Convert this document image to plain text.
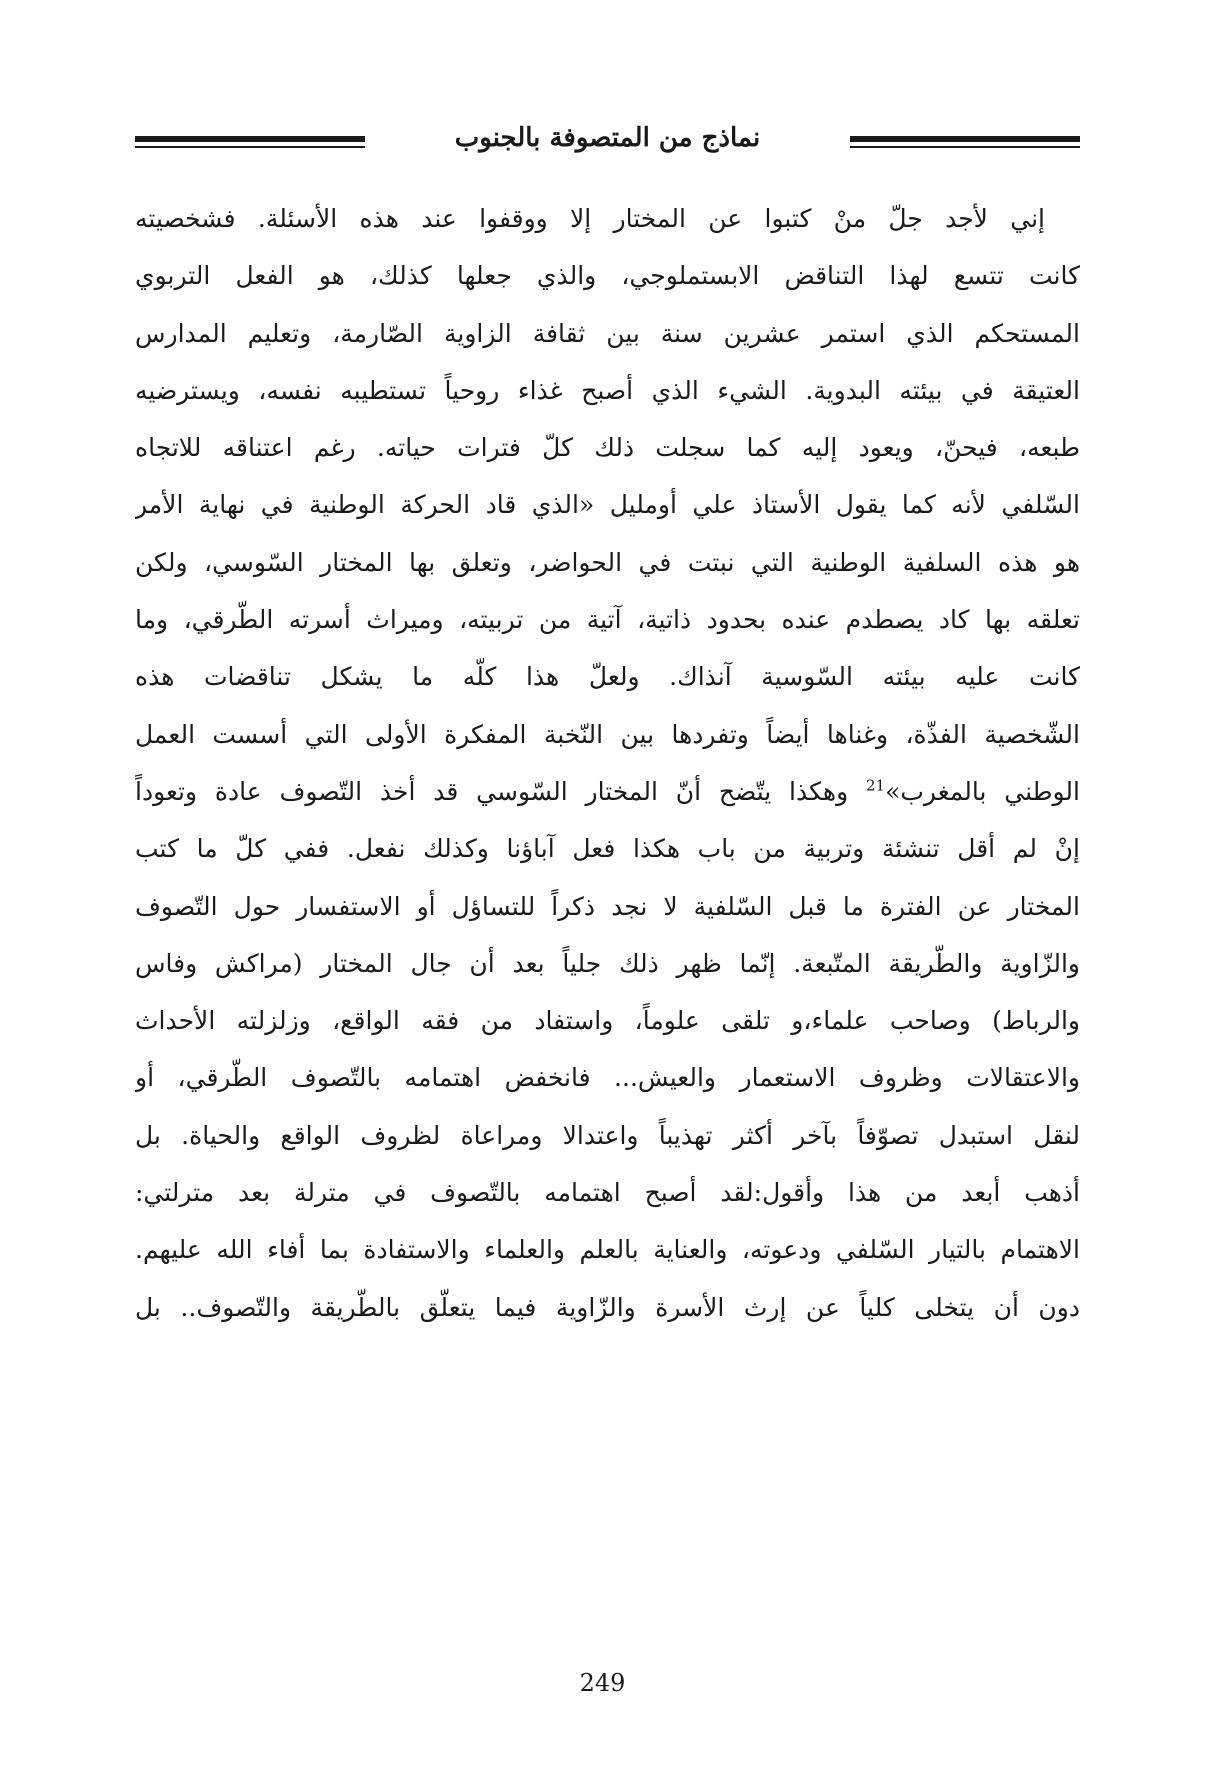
نماذج من المتصوفة بالجنوب
إني لأجد جلّ منْ كتبوا عن المختار إلا ووقفوا عند هذه الأسئلة. فشخصيته
كانت تتسع لهذا التناقض الابستملوجي، والذي جعلها كذلك، هو الفعل التربوي
المستحكم الذي استمر عشرين سنة بين ثقافة الزاوية الصّارمة، وتعليم المدارس
العتيقة في بيئته البدوية. الشيء الذي أصبح غذاء روحياً تستطيبه نفسه، ويسترضيه
طبعه، فيحنّ، ويعود إليه كما سجلت ذلك كلّ فترات حياته. رغم اعتناقه للاتجاه
السّلفي لأنه كما يقول الأستاذ علي أومليل «الذي قاد الحركة الوطنية في نهاية الأمر
هو هذه السلفية الوطنية التي نبتت في الحواضر، وتعلق بها المختار السّوسي، ولكن
تعلقه بها كاد يصطدم عنده بحدود ذاتية، آتية من تربيته، وميراث أسرته الطّرقي، وما
كانت عليه بيئته السّوسية آنذاك. ولعلّ هذا كلّه ما يشكل تناقضات هذه
الشّخصية الفذّة، وغناها أيضاً وتفردها بين النّخبة المفكرة الأولى التي أسست العمل
الوطني بالمغرب»$^{21}$ وهكذا يتّضح أنّ المختار السّوسي قد أخذ التّصوف عادة وتعوداً
إنْ لم أقل تنشئة وتربية من باب هكذا فعل آباؤنا وكذلك نفعل. ففي كلّ ما كتب
المختار عن الفترة ما قبل السّلفية لا نجد ذكراً للتساؤل أو الاستفسار حول التّصوف
والزّاوية والطّريقة المتّبعة. إنّما ظهر ذلك جلياً بعد أن جال المختار (مراكش وفاس
والرباط) وصاحب علماء،و تلقى علوماً، واستفاد من فقه الواقع، وزلزلته الأحداث
والاعتقالات وظروف الاستعمار والعيش... فانخفض اهتمامه بالتّصوف الطّرقي، أو
لنقل استبدل تصوّفاً بآخر أكثر تهذيباً واعتدالا ومراعاة لظروف الواقع والحياة. بل
أذهب أبعد من هذا وأقول:لقد أصبح اهتمامه بالتّصوف في مترلة بعد مترلتي:
الاهتمام بالتيار السّلفي ودعوته، والعناية بالعلم والعلماء والاستفادة بما أفاء الله عليهم.
دون أن يتخلى كلياً عن إرث الأسرة والزّاوية فيما يتعلّق بالطّريقة والتّصوف.. بل
249
